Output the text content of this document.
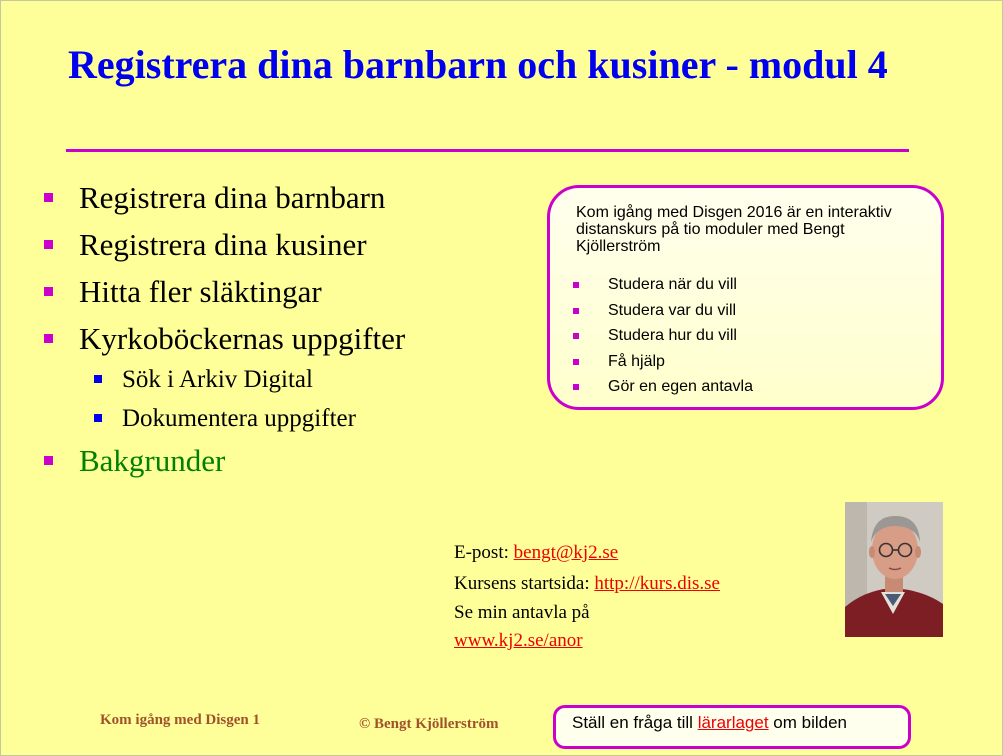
Registrera dina barnbarn och kusiner - modul 4
Registrera dina barnbarn
Registrera dina kusiner
Hitta fler släktingar
Kyrkoböckernas uppgifter
Sök i Arkiv Digital
Dokumentera uppgifter
Bakgrunder
Kom igång med Disgen 2016 är en interaktiv distanskurs på tio moduler med Bengt Kjöllerström
Studera när du vill
Studera var du vill
Studera hur du vill
Få hjälp
Gör en egen antavla
E-post: bengt@kj2.se
Kursens startsida: http://kurs.dis.se
Se min antavla på
www.kj2.se/anor
Kom igång med Disgen 1	© Bengt Kjöllerström	Ställ en fråga till lärarlaget om bilden
